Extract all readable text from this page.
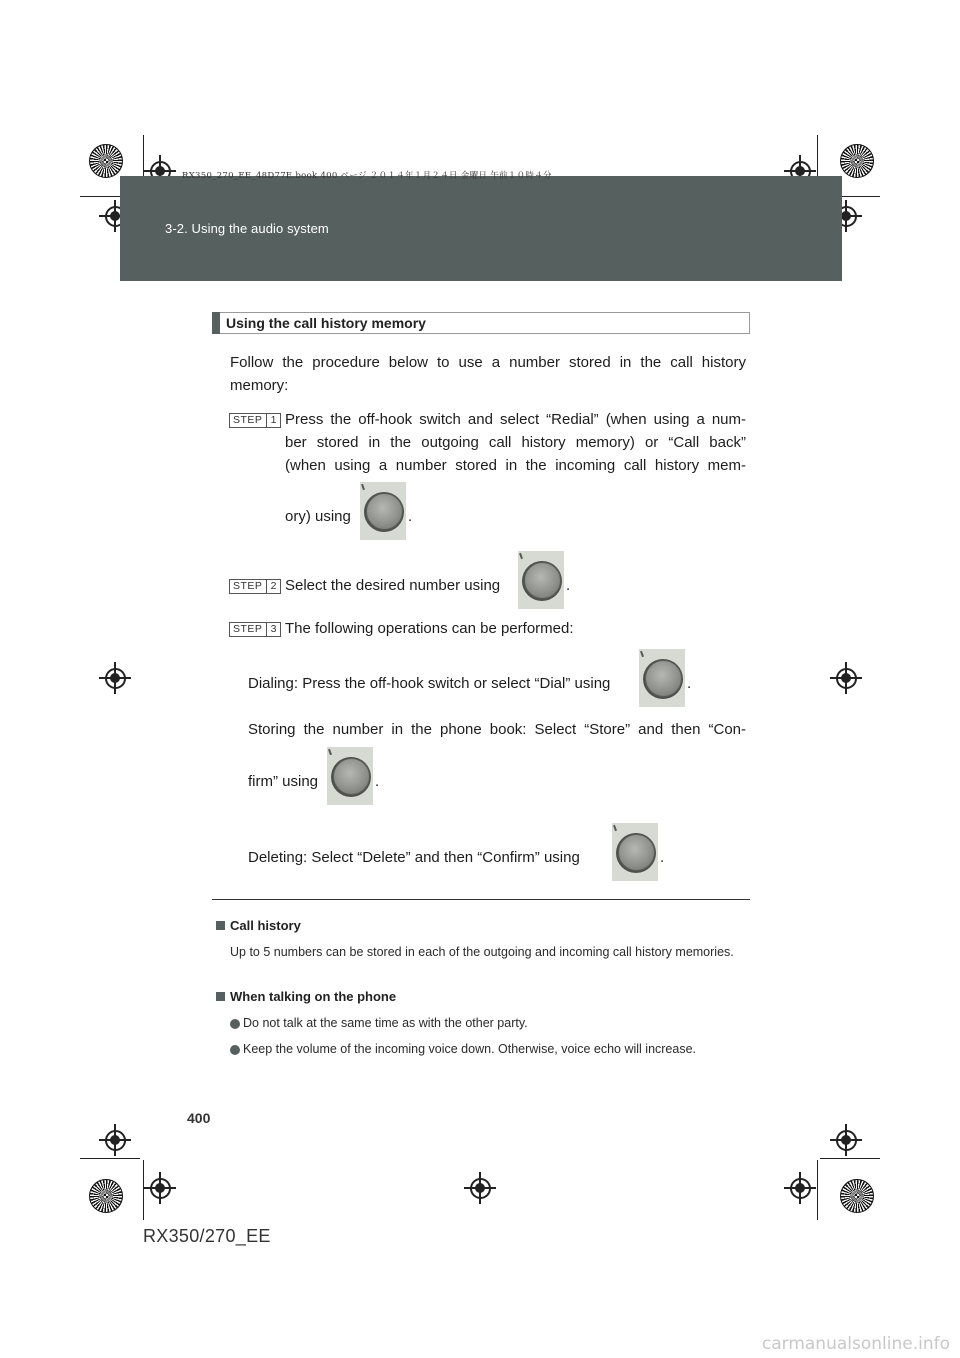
RX350_270_EE_48D77E.book 400 ページ ２０１４年１月２４日 金曜日 午前１０時４分
3-2. Using the audio system
Using the call history memory
Follow the procedure below to use a number stored in the call history memory:
STEP 1 Press the off-hook switch and select “Redial” (when using a num-
ber stored in the outgoing call history memory) or “Call back”
(when using a number stored in the incoming call history mem-
ory) using	.
STEP 2 Select the desired number using	.
STEP 3 The following operations can be performed:
Dialing: Press the off-hook switch or select “Dial” using	.
Storing the number in the phone book: Select “Store” and then “Con-
firm” using	.
Deleting: Select “Delete” and then “Confirm” using	.
Call history
Up to 5 numbers can be stored in each of the outgoing and incoming call history memories.
When talking on the phone
Do not talk at the same time as with the other party.
Keep the volume of the incoming voice down. Otherwise, voice echo will increase.
400
RX350/270_EE
carmanualsonline.info
